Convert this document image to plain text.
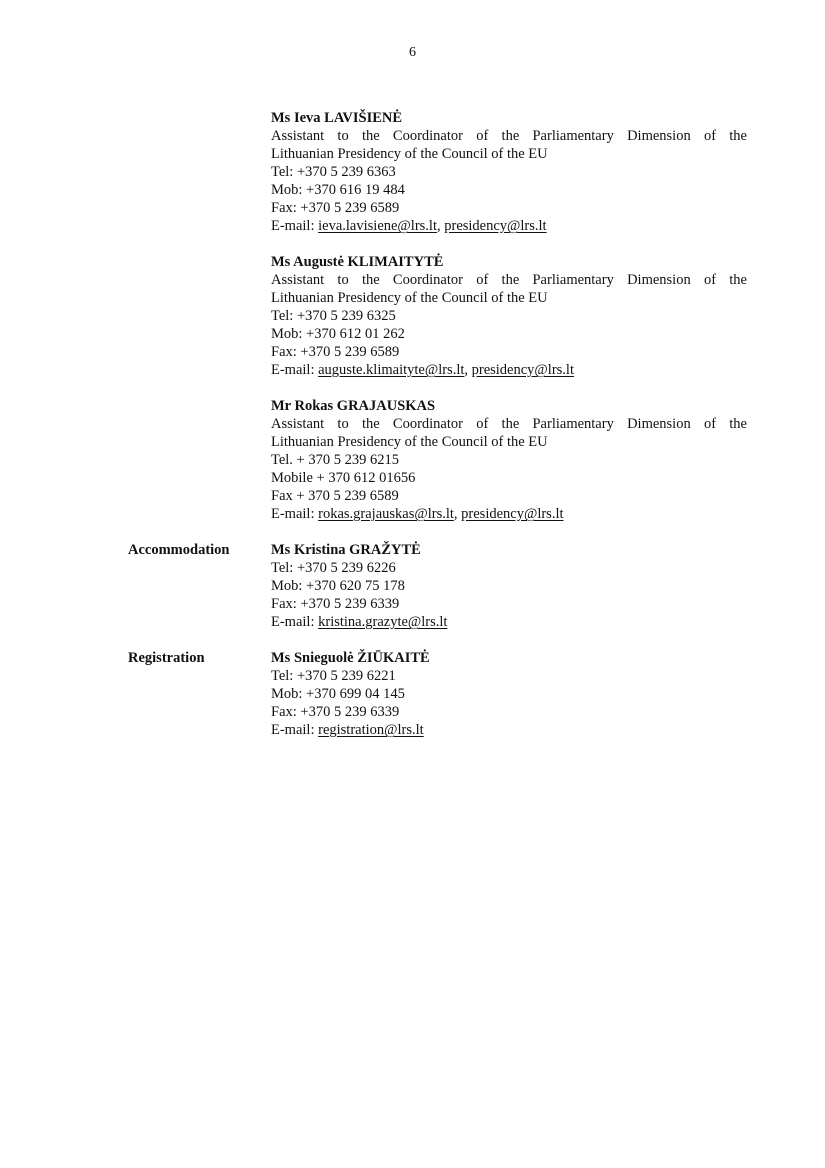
6
Ms Ieva LAVIŠIENĖ
Assistant to the Coordinator of the Parliamentary Dimension of the
Lithuanian Presidency of the Council of the EU
Tel: +370 5 239 6363
Mob: +370 616 19 484
Fax: +370 5 239 6589
E-mail: ieva.lavisiene@lrs.lt, presidency@lrs.lt
Ms Augustė KLIMAITYTĖ
Assistant to the Coordinator of the Parliamentary Dimension of the
Lithuanian Presidency of the Council of the EU
Tel: +370 5 239 6325
Mob: +370 612 01 262
Fax: +370 5 239 6589
E-mail: auguste.klimaityte@lrs.lt, presidency@lrs.lt
Mr Rokas GRAJAUSKAS
Assistant to the Coordinator of the Parliamentary Dimension of the
Lithuanian Presidency of the Council of the EU
Tel. + 370 5 239 6215
Mobile + 370 612 01656
Fax + 370 5 239 6589
E-mail: rokas.grajauskas@lrs.lt, presidency@lrs.lt
Accommodation	Ms Kristina GRAŽYTĖ
Tel: +370 5 239 6226
Mob: +370 620 75 178
Fax: +370 5 239 6339
E-mail: kristina.grazyte@lrs.lt
Registration	Ms Snieguolė ŽIŪKAITĖ
Tel: +370 5 239 6221
Mob: +370 699 04 145
Fax: +370 5 239 6339
E-mail: registration@lrs.lt
